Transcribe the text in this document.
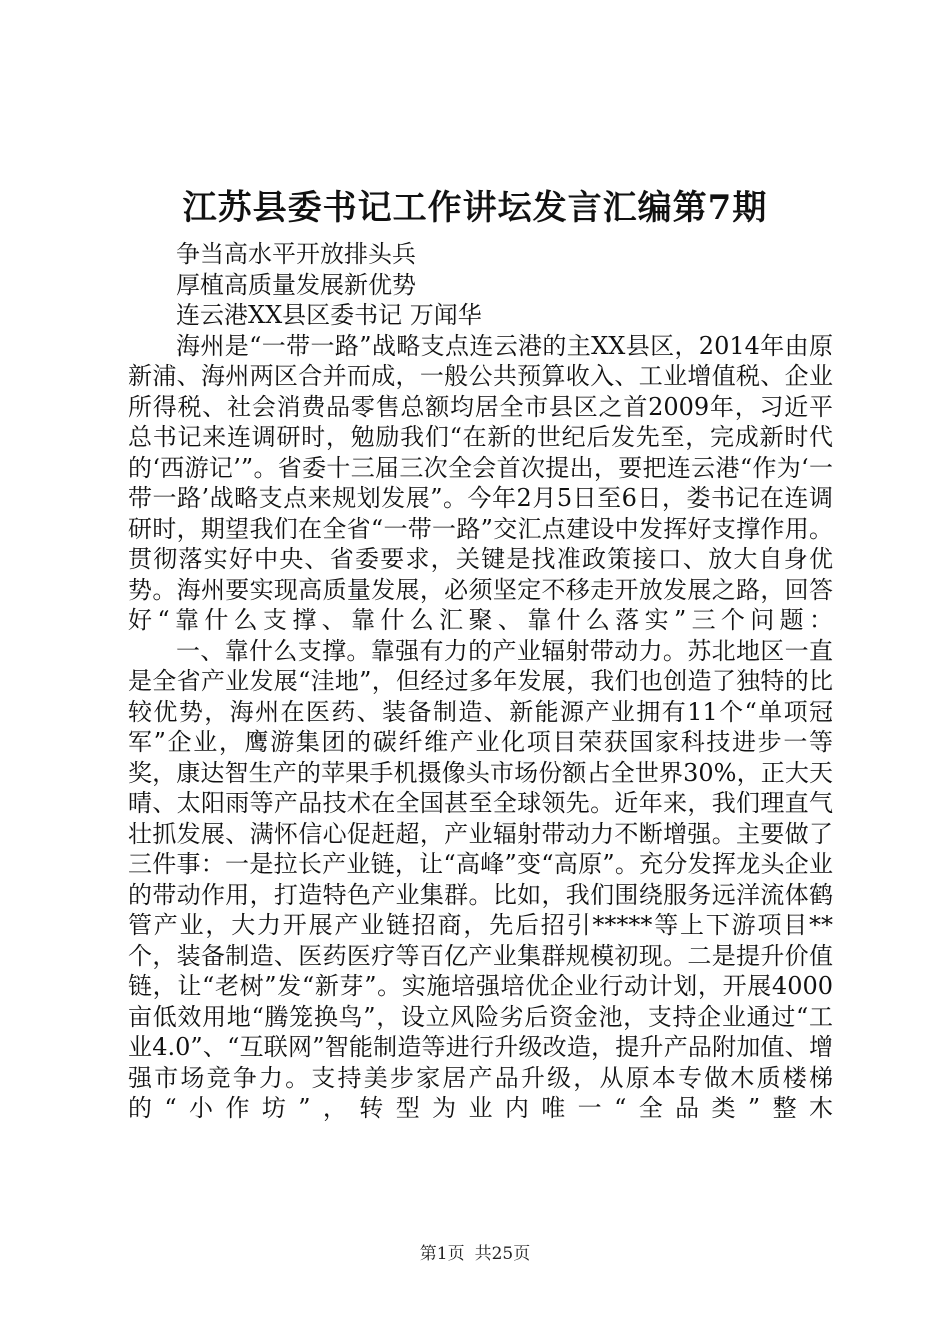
江苏县委书记工作讲坛发言汇编第7期

争当高水平开放排头兵

厚植高质量发展新优势

连云港XX县区委书记 万闻华

海州是“一带一路”战略支点连云港的主XX县区，2014年由原新浦、海州两区合并而成，一般公共预算收入、工业增值税、企业所得税、社会消费品零售总额均居全市县区之首2009年，习近平总书记来连调研时，勉励我们“在新的世纪后发先至，完成新时代的‘西游记’”。省委十三届三次全会首次提出，要把连云港“作为‘一带一路’战略支点来规划发展”。今年2月5日至6日，娄书记在连调研时，期望我们在全省“一带一路”交汇点建设中发挥好支撑作用。贯彻落实好中央、省委要求，关键是找准政策接口、放大自身优势。海州要实现高质量发展，必须坚定不移走开放发展之路，回答好“靠什么支撑、靠什么汇聚、靠什么落实”三个问题：

一、靠什么支撑。靠强有力的产业辐射带动力。苏北地区一直是全省产业发展“洼地”，但经过多年发展，我们也创造了独特的比较优势，海州在医药、装备制造、新能源产业拥有11个“单项冠军”企业，鹰游集团的碳纤维产业化项目荣获国家科技进步一等奖，康达智生产的苹果手机摄像头市场份额占全世界30%，正大天晴、太阳雨等产品技术在全国甚至全球领先。近年来，我们理直气壮抓发展、满怀信心促赶超，产业辐射带动力不断增强。主要做了三件事：一是拉长产业链，让“高峰”变“高原”。充分发挥龙头企业的带动作用，打造特色产业集群。比如，我们围绕服务远洋流体鹤管产业，大力开展产业链招商，先后招引*****等上下游项目**个，装备制造、医药医疗等百亿产业集群规模初现。二是提升价值链，让“老树”发“新芽”。实施培强培优企业行动计划，开展4000亩低效用地“腾笼换鸟”，设立风险劣后资金池，支持企业通过“工业4.0”、“互联网”智能制造等进行升级改造，提升产品附加值、增强市场竞争力。支持美步家居产品升级，从原本专做木质楼梯的“小作坊”，转型为业内唯一“全品类”整木

第1页 共25页
